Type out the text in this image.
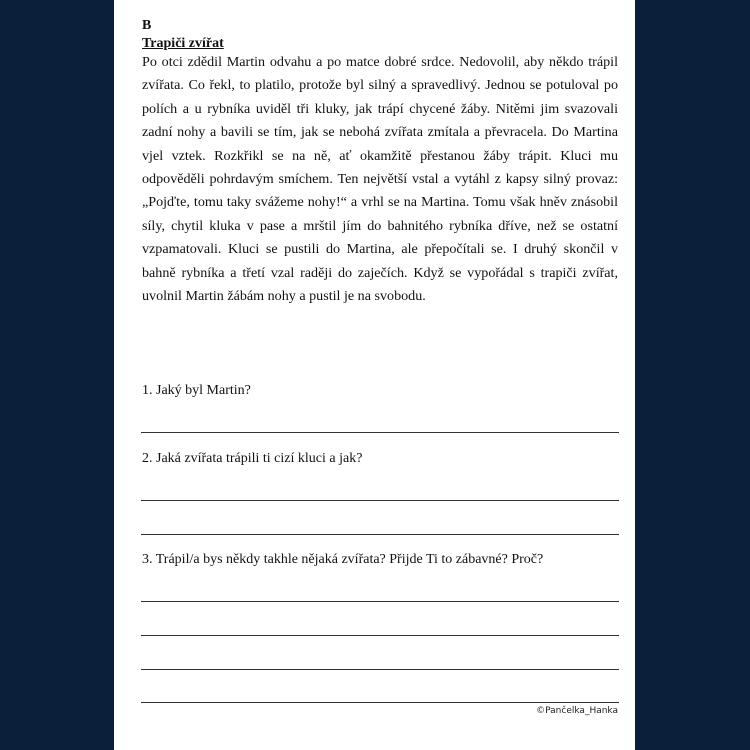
B
Trapiči zvířat

Po otci zdědil Martin odvahu a po matce dobré srdce. Nedovolil, aby někdo trápil zvířata. Co řekl, to platilo, protože byl silný a spravedlivý. Jednou se potuloval po polích a u rybníka uviděl tři kluky, jak trápí chycené žáby. Nitěmi jim svazovali zadní nohy a bavili se tím, jak se nebohá zvířata zmítala a převracela. Do Martina vjel vztek. Rozkřikl se na ně, ať okamžitě přestanou žáby trápit. Kluci mu odpověděli pohrdavým smíchem. Ten největší vstal a vytáhl z kapsy silný provaz: „Pojďte, tomu taky svážeme nohy!“ a vrhl se na Martina. Tomu však hněv znásobil síly, chytil kluka v pase a mrštil jím do bahnitého rybníka dříve, než se ostatní vzpamatovali. Kluci se pustili do Martina, ale přepočítali se. I druhý skončil v bahně rybníka a třetí vzal raději do zaječích. Když se vypořádal s trapiči zvířat, uvolnil Martin žábám nohy a pustil je na svobodu.

1. Jaký byl Martin?

2. Jaká zvířata trápili ti cizí kluci a jak?

3. Trápil/a bys někdy takhle nějaká zvířata? Přijde Ti to zábavné? Proč?

©Pančelka_Hanka
